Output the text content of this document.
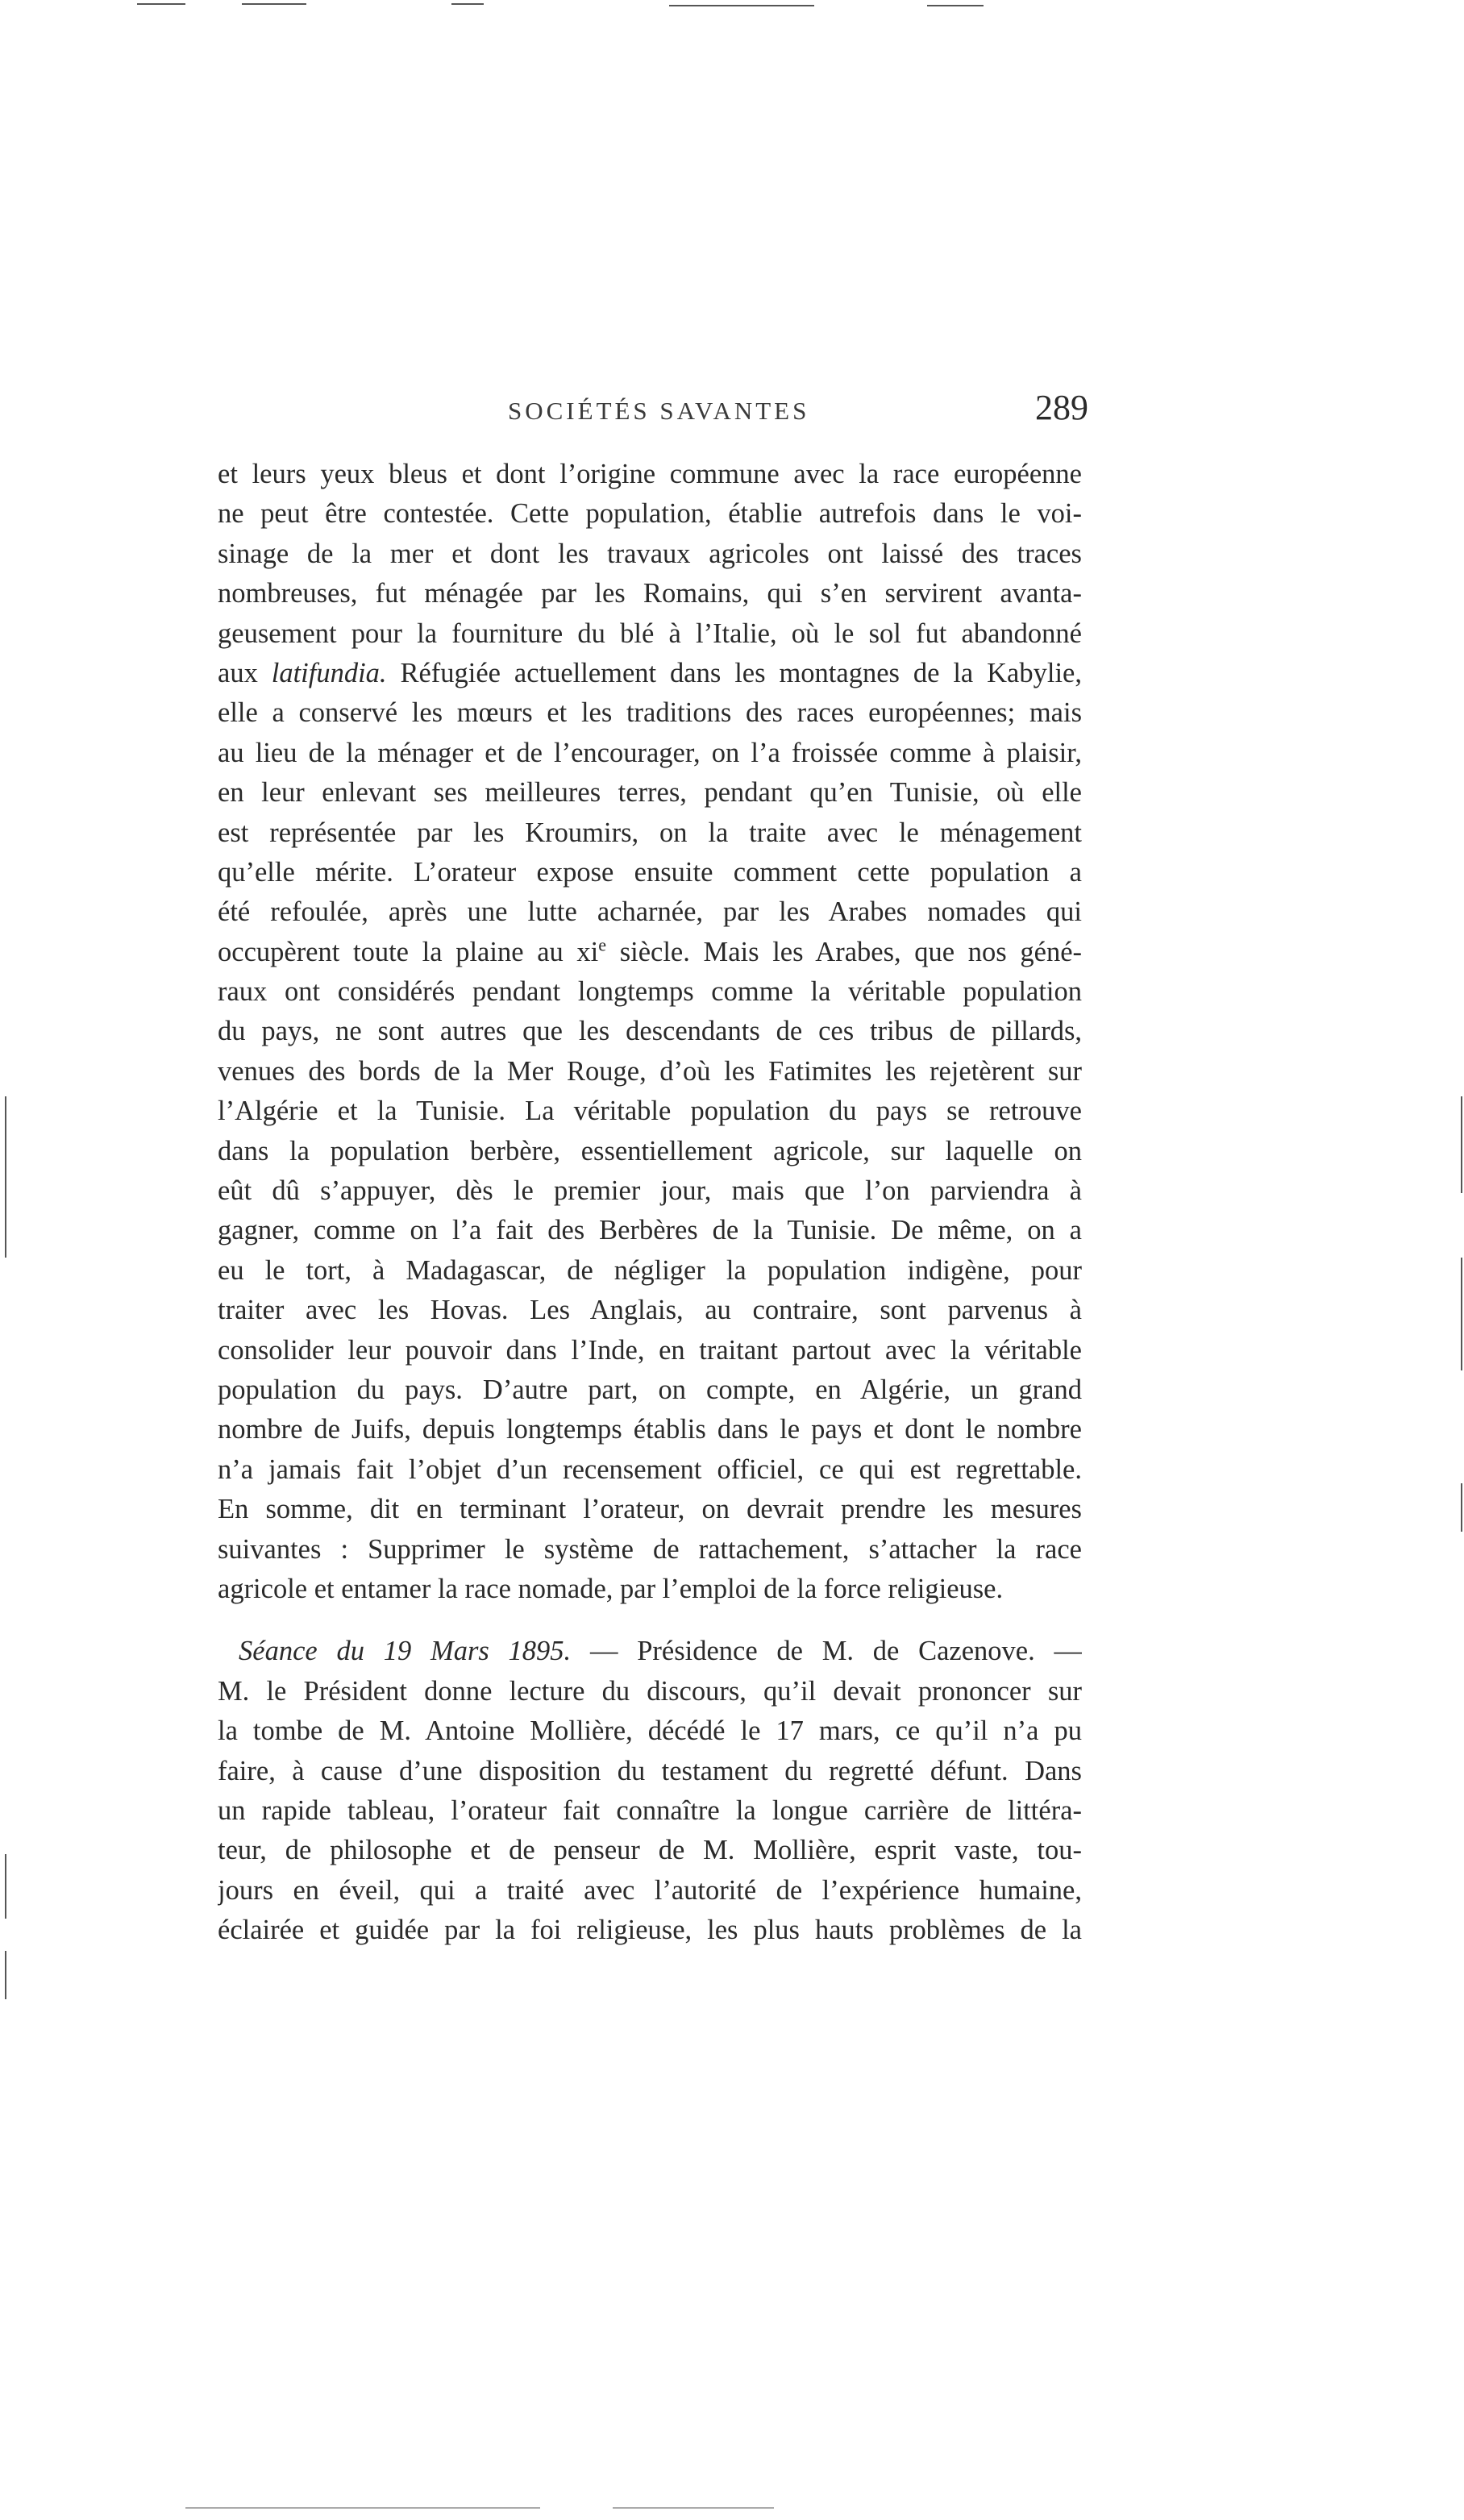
SOCIÉTÉS SAVANTES	289
et leurs yeux bleus et dont l’origine commune avec la race européenne
ne peut être contestée. Cette population, établie autrefois dans le voi-
sinage de la mer et dont les travaux agricoles ont laissé des traces
nombreuses, fut ménagée par les Romains, qui s’en servirent avanta-
geusement pour la fourniture du blé à l’Italie, où le sol fut abandonné
aux latifundia. Réfugiée actuellement dans les montagnes de la Kabylie,
elle a conservé les mœurs et les traditions des races européennes; mais
au lieu de la ménager et de l’encourager, on l’a froissée comme à plaisir,
en leur enlevant ses meilleures terres, pendant qu’en Tunisie, où elle
est représentée par les Kroumirs, on la traite avec le ménagement
qu’elle mérite. L’orateur expose ensuite comment cette population a
été refoulée, après une lutte acharnée, par les Arabes nomades qui
occupèrent toute la plaine au $xi^e$ siècle. Mais les Arabes, que nos géné-
raux ont considérés pendant longtemps comme la véritable population
du pays, ne sont autres que les descendants de ces tribus de pillards,
venues des bords de la Mer Rouge, d’où les Fatimites les rejetèrent sur
l’Algérie et la Tunisie. La véritable population du pays se retrouve
dans la population berbère, essentiellement agricole, sur laquelle on
eût dû s’appuyer, dès le premier jour, mais que l’on parviendra à
gagner, comme on l’a fait des Berbères de la Tunisie. De même, on a
eu le tort, à Madagascar, de négliger la population indigène, pour
traiter avec les Hovas. Les Anglais, au contraire, sont parvenus à
consolider leur pouvoir dans l’Inde, en traitant partout avec la véritable
population du pays. D’autre part, on compte, en Algérie, un grand
nombre de Juifs, depuis longtemps établis dans le pays et dont le nombre
n’a jamais fait l’objet d’un recensement officiel, ce qui est regrettable.
En somme, dit en terminant l’orateur, on devrait prendre les mesures
suivantes : Supprimer le système de rattachement, s’attacher la race
agricole et entamer la race nomade, par l’emploi de la force religieuse.
Séance du 19 Mars 1895. — Présidence de M. de Cazenove. —
M. le Président donne lecture du discours, qu’il devait prononcer sur
la tombe de M. Antoine Mollière, décédé le 17 mars, ce qu’il n’a pu
faire, à cause d’une disposition du testament du regretté défunt. Dans
un rapide tableau, l’orateur fait connaître la longue carrière de littéra-
teur, de philosophe et de penseur de M. Mollière, esprit vaste, tou-
jours en éveil, qui a traité avec l’autorité de l’expérience humaine,
éclairée et guidée par la foi religieuse, les plus hauts problèmes de la
